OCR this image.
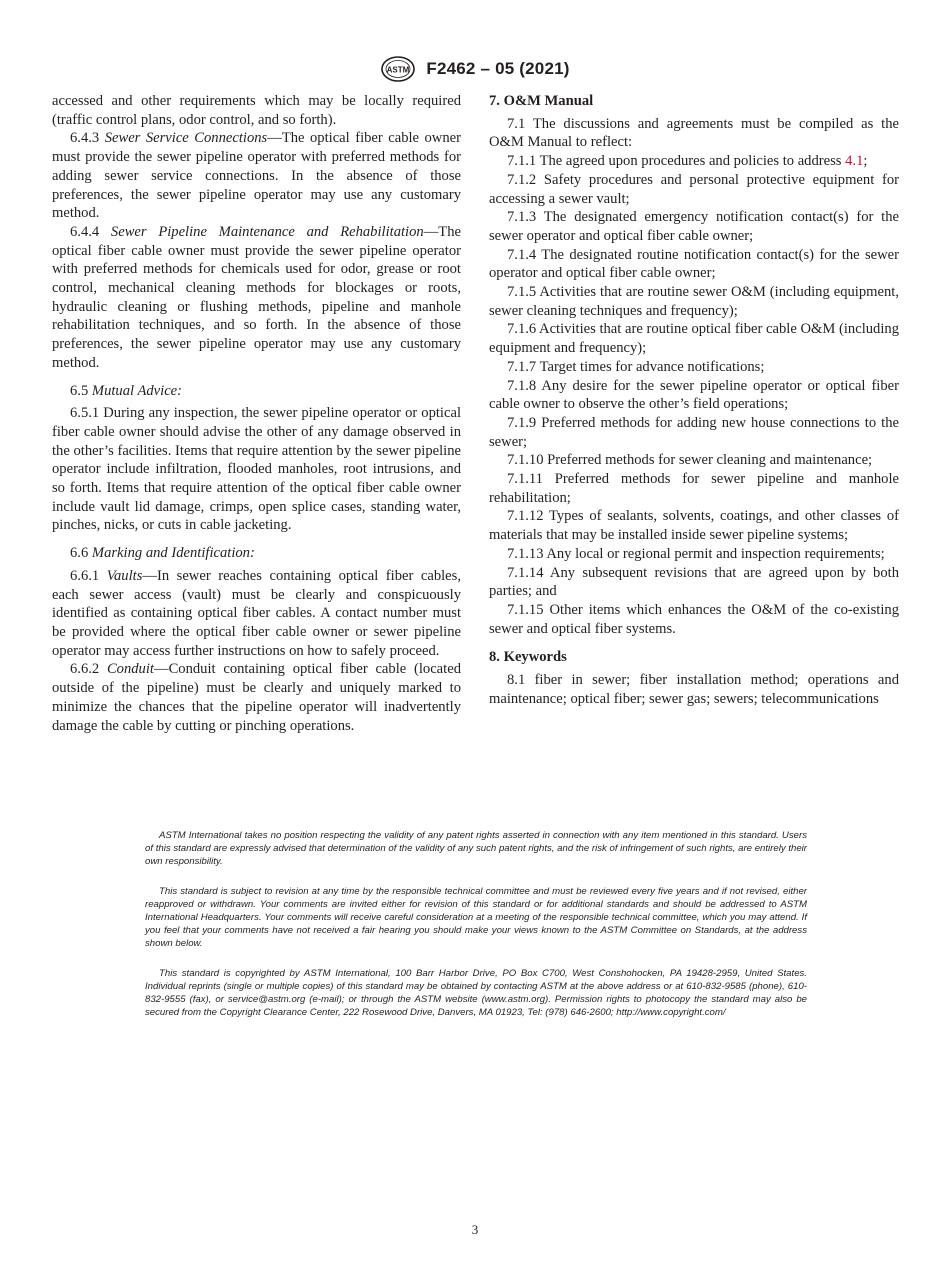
ASTM F2462 – 05 (2021)

accessed and other requirements which may be locally required (traffic control plans, odor control, and so forth).

6.4.3 Sewer Service Connections—The optical fiber cable owner must provide the sewer pipeline operator with preferred methods for adding sewer service connections. In the absence of those preferences, the sewer pipeline operator may use any customary method.

6.4.4 Sewer Pipeline Maintenance and Rehabilitation—The optical fiber cable owner must provide the sewer pipeline operator with preferred methods for chemicals used for odor, grease or root control, mechanical cleaning methods for blockages or roots, hydraulic cleaning or flushing methods, pipeline and manhole rehabilitation techniques, and so forth. In the absence of those preferences, the sewer pipeline operator may use any customary method.

6.5 Mutual Advice:

6.5.1 During any inspection, the sewer pipeline operator or optical fiber cable owner should advise the other of any damage observed in the other’s facilities. Items that require attention by the sewer pipeline operator include infiltration, flooded manholes, root intrusions, and so forth. Items that require attention of the optical fiber cable owner include vault lid damage, crimps, open splice cases, standing water, pinches, nicks, or cuts in cable jacketing.

6.6 Marking and Identification:

6.6.1 Vaults—In sewer reaches containing optical fiber cables, each sewer access (vault) must be clearly and conspicuously identified as containing optical fiber cables. A contact number must be provided where the optical fiber cable owner or sewer pipeline operator may access further instructions on how to safely proceed.

6.6.2 Conduit—Conduit containing optical fiber cable (located outside of the pipeline) must be clearly and uniquely marked to minimize the chances that the pipeline operator will inadvertently damage the cable by cutting or pinching operations.

7. O&M Manual

7.1 The discussions and agreements must be compiled as the O&M Manual to reflect:

7.1.1 The agreed upon procedures and policies to address 4.1;

7.1.2 Safety procedures and personal protective equipment for accessing a sewer vault;

7.1.3 The designated emergency notification contact(s) for the sewer operator and optical fiber cable owner;

7.1.4 The designated routine notification contact(s) for the sewer operator and optical fiber cable owner;

7.1.5 Activities that are routine sewer O&M (including equipment, sewer cleaning techniques and frequency);

7.1.6 Activities that are routine optical fiber cable O&M (including equipment and frequency);

7.1.7 Target times for advance notifications;

7.1.8 Any desire for the sewer pipeline operator or optical fiber cable owner to observe the other’s field operations;

7.1.9 Preferred methods for adding new house connections to the sewer;

7.1.10 Preferred methods for sewer cleaning and maintenance;

7.1.11 Preferred methods for sewer pipeline and manhole rehabilitation;

7.1.12 Types of sealants, solvents, coatings, and other classes of materials that may be installed inside sewer pipeline systems;

7.1.13 Any local or regional permit and inspection requirements;

7.1.14 Any subsequent revisions that are agreed upon by both parties; and

7.1.15 Other items which enhances the O&M of the co-existing sewer and optical fiber systems.

8. Keywords

8.1 fiber in sewer; fiber installation method; operations and maintenance; optical fiber; sewer gas; sewers; telecommunications

ASTM International takes no position respecting the validity of any patent rights asserted in connection with any item mentioned in this standard. Users of this standard are expressly advised that determination of the validity of any such patent rights, and the risk of infringement of such rights, are entirely their own responsibility.

This standard is subject to revision at any time by the responsible technical committee and must be reviewed every five years and if not revised, either reapproved or withdrawn. Your comments are invited either for revision of this standard or for additional standards and should be addressed to ASTM International Headquarters. Your comments will receive careful consideration at a meeting of the responsible technical committee, which you may attend. If you feel that your comments have not received a fair hearing you should make your views known to the ASTM Committee on Standards, at the address shown below.

This standard is copyrighted by ASTM International, 100 Barr Harbor Drive, PO Box C700, West Conshohocken, PA 19428-2959, United States. Individual reprints (single or multiple copies) of this standard may be obtained by contacting ASTM at the above address or at 610-832-9585 (phone), 610-832-9555 (fax), or service@astm.org (e-mail); or through the ASTM website (www.astm.org). Permission rights to photocopy the standard may also be secured from the Copyright Clearance Center, 222 Rosewood Drive, Danvers, MA 01923, Tel: (978) 646-2600; http://www.copyright.com/

3
